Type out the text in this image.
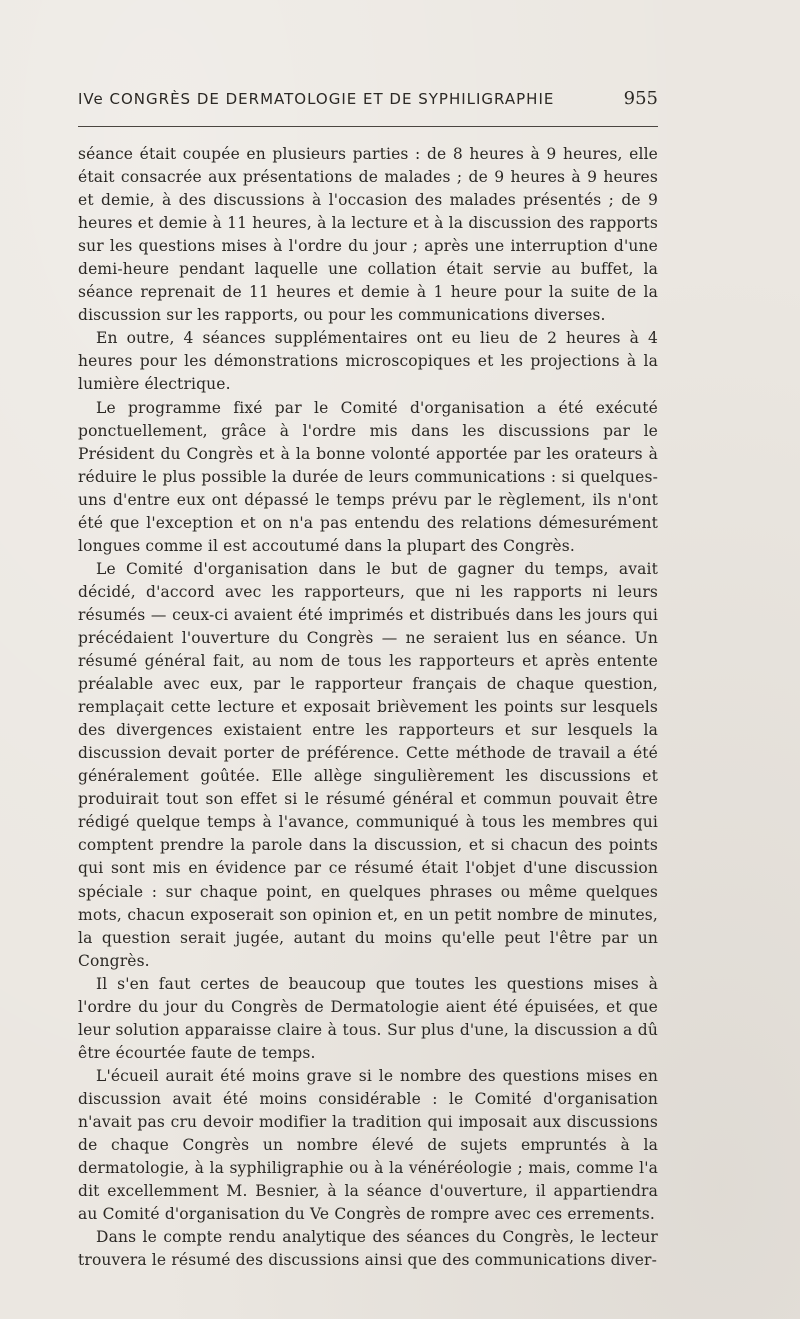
IVe CONGRÈS DE DERMATOLOGIE ET DE SYPHILIGRAPHIE	955

séance était coupée en plusieurs parties : de 8 heures à 9 heures, elle était consacrée aux présentations de malades ; de 9 heures à 9 heures et demie, à des discussions à l'occasion des malades présentés ; de 9 heures et demie à 11 heures, à la lecture et à la discussion des rapports sur les questions mises à l'ordre du jour ; après une interruption d'une demi-heure pendant laquelle une collation était servie au buffet, la séance reprenait de 11 heures et demie à 1 heure pour la suite de la discussion sur les rapports, ou pour les communications diverses.

En outre, 4 séances supplémentaires ont eu lieu de 2 heures à 4 heures pour les démonstrations microscopiques et les projections à la lumière électrique.

Le programme fixé par le Comité d'organisation a été exécuté ponctuellement, grâce à l'ordre mis dans les discussions par le Président du Congrès et à la bonne volonté apportée par les orateurs à réduire le plus possible la durée de leurs communications : si quelques-uns d'entre eux ont dépassé le temps prévu par le règlement, ils n'ont été que l'exception et on n'a pas entendu des relations démesurément longues comme il est accoutumé dans la plupart des Congrès.

Le Comité d'organisation dans le but de gagner du temps, avait décidé, d'accord avec les rapporteurs, que ni les rapports ni leurs résumés — ceux-ci avaient été imprimés et distribués dans les jours qui précédaient l'ouverture du Congrès — ne seraient lus en séance. Un résumé général fait, au nom de tous les rapporteurs et après entente préalable avec eux, par le rapporteur français de chaque question, remplaçait cette lecture et exposait brièvement les points sur lesquels des divergences existaient entre les rapporteurs et sur lesquels la discussion devait porter de préférence. Cette méthode de travail a été généralement goûtée. Elle allège singulièrement les discussions et produirait tout son effet si le résumé général et commun pouvait être rédigé quelque temps à l'avance, communiqué à tous les membres qui comptent prendre la parole dans la discussion, et si chacun des points qui sont mis en évidence par ce résumé était l'objet d'une discussion spéciale : sur chaque point, en quelques phrases ou même quelques mots, chacun exposerait son opinion et, en un petit nombre de minutes, la question serait jugée, autant du moins qu'elle peut l'être par un Congrès.

Il s'en faut certes de beaucoup que toutes les questions mises à l'ordre du jour du Congrès de Dermatologie aient été épuisées, et que leur solution apparaisse claire à tous. Sur plus d'une, la discussion a dû être écourtée faute de temps.

L'écueil aurait été moins grave si le nombre des questions mises en discussion avait été moins considérable : le Comité d'organisation n'avait pas cru devoir modifier la tradition qui imposait aux discussions de chaque Congrès un nombre élevé de sujets empruntés à la dermatologie, à la syphiligraphie ou à la vénéréologie ; mais, comme l'a dit excellemment M. Besnier, à la séance d'ouverture, il appartiendra au Comité d'organisation du Ve Congrès de rompre avec ces errements.

Dans le compte rendu analytique des séances du Congrès, le lecteur trouvera le résumé des discussions ainsi que des communications diver-
